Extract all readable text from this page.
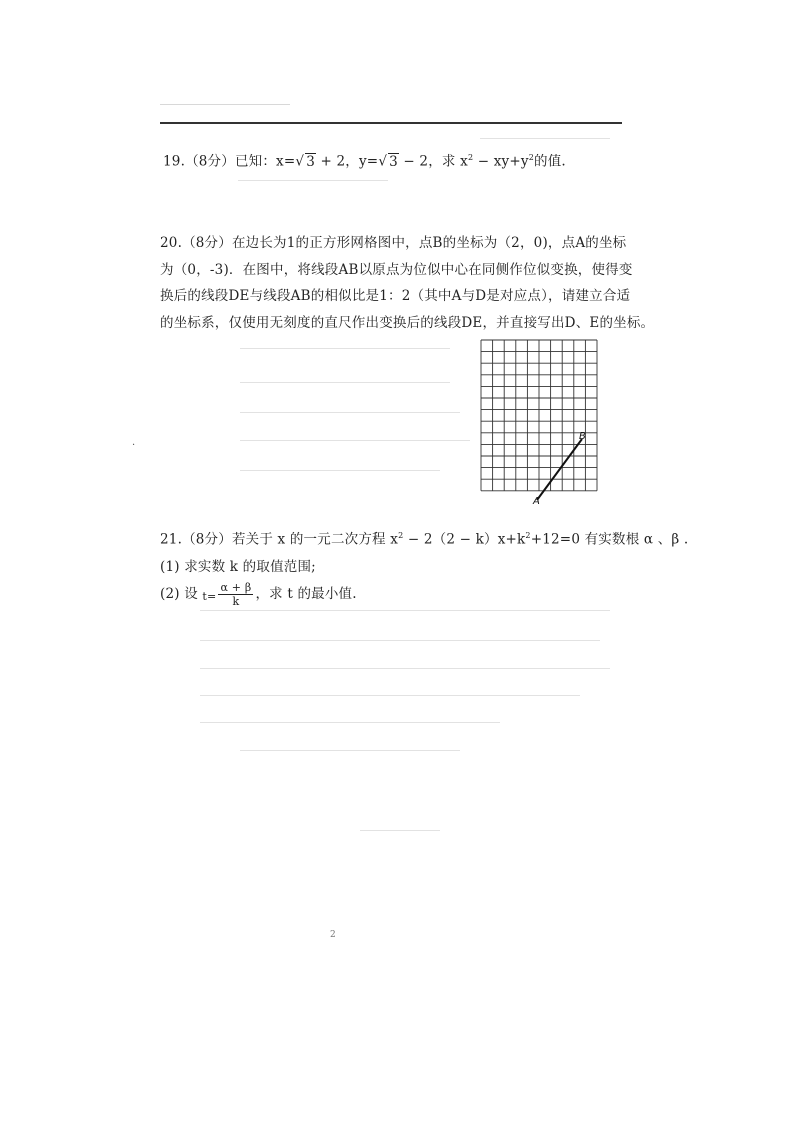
19.（8分）已知：x=√ 3 + 2，y=√ 3 − 2，求 $x^2 - xy+y^2$的值.
20.（8分）在边长为1的正方形网格图中，点B的坐标为（2，0)，点A的坐标
为（0，-3)．在图中，将线段AB以原点为位似中心在同侧作位似变换，使得变
换后的线段DE与线段AB的相似比是1：2（其中A与D是对应点），请建立合适
的坐标系，仅使用无刻度的直尺作出变换后的线段DE，并直接写出D、E的坐标。
A
B
·
21.（8分）若关于 x 的一元二次方程 $x^2 - 2(2 - k)x+k^2+12=0$ 有实数根 α 、β .
(1) 求实数 k 的取值范围;
(2) 设 $t= \frac{\alpha + \beta}{k}$ ，求 t 的最小值.
2
